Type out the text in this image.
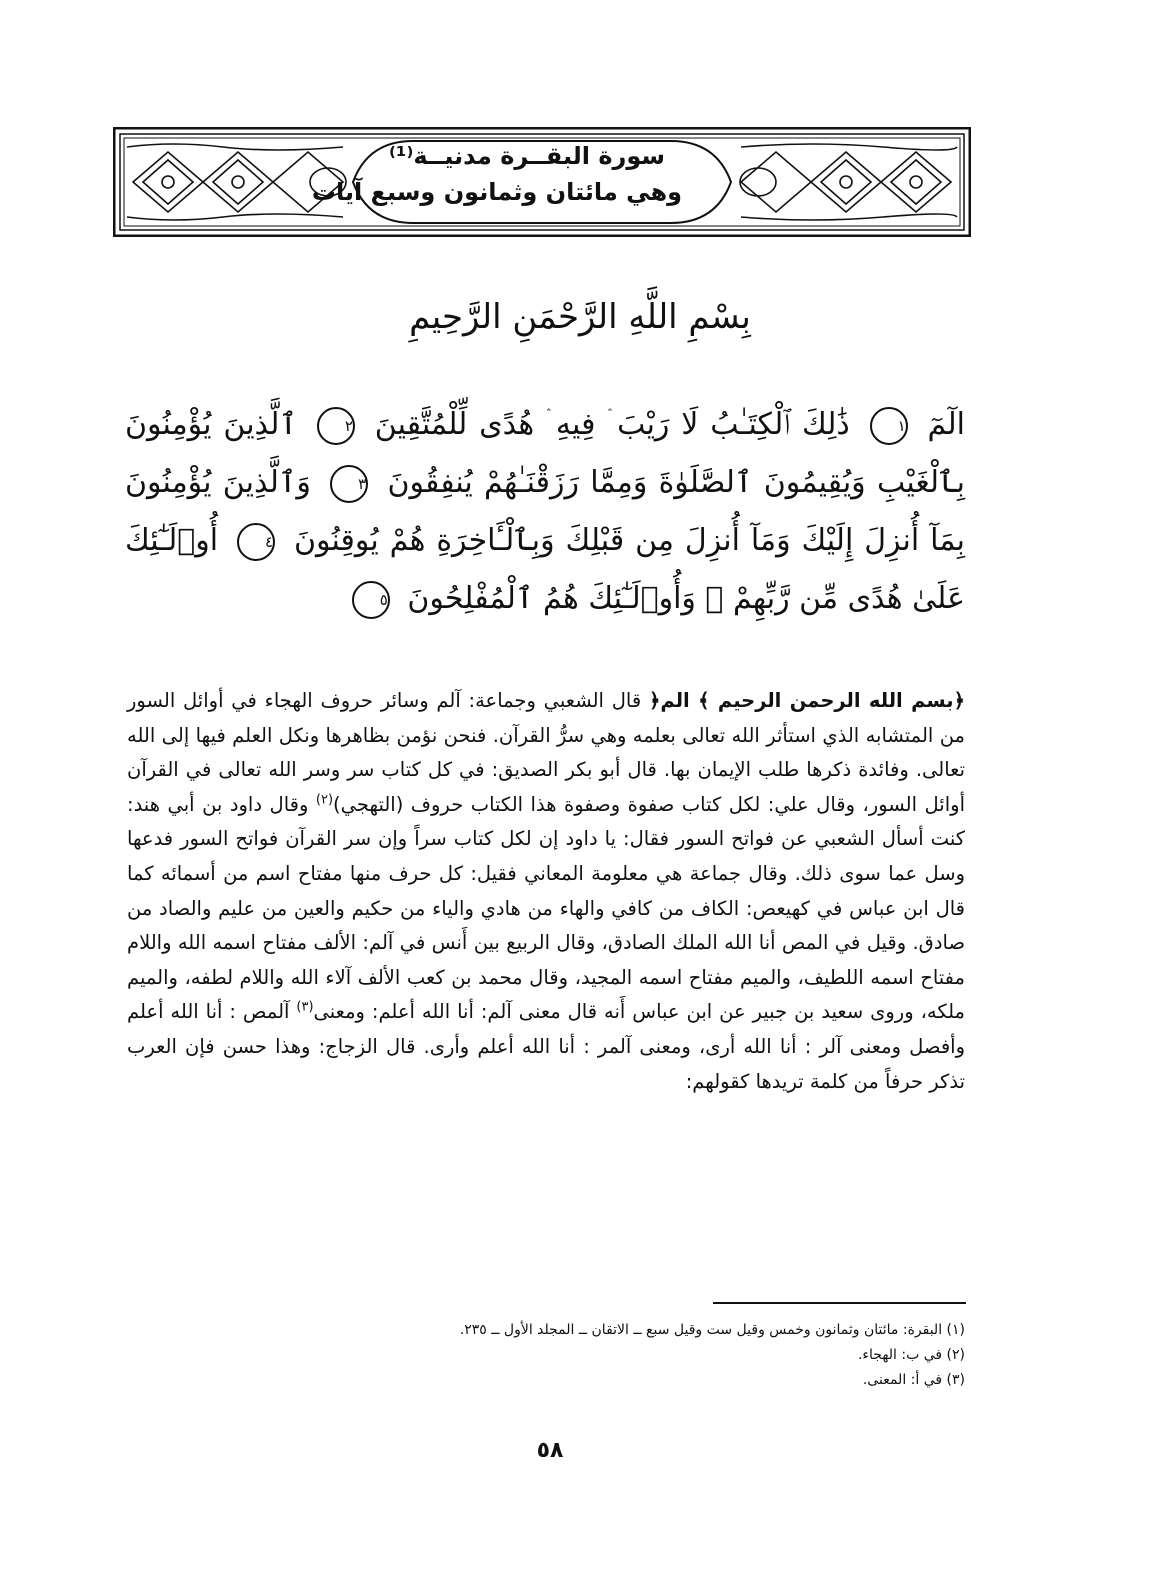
سورة البقــرة مدنيــة⁽¹⁾
وهي مائتان وثمانون وسبع آيات
بِسْمِ اللَّهِ الرَّحْمَنِ الرَّحِيمِ
الٓمٓ ١ ذَٰلِكَ ٱلْكِتَـٰبُ لَا رَيْبَ ۛ فِيهِ ۛ هُدًى لِّلْمُتَّقِينَ ٢ ٱلَّذِينَ يُؤْمِنُونَ بِٱلْغَيْبِ وَيُقِيمُونَ ٱلصَّلَوٰةَ وَمِمَّا رَزَقْنَـٰهُمْ يُنفِقُونَ ٣ وَٱلَّذِينَ يُؤْمِنُونَ بِمَآ أُنزِلَ إِلَيْكَ وَمَآ أُنزِلَ مِن قَبْلِكَ وَبِٱلْـَٔاخِرَةِ هُمْ يُوقِنُونَ ٤ أُو۟لَـٰٓئِكَ عَلَىٰ هُدًى مِّن رَّبِّهِمْ ۖ وَأُو۟لَـٰٓئِكَ هُمُ ٱلْمُفْلِحُونَ ٥
﴿بسم الله الرحمن الرحيم ﴾ الم﴿ قال الشعبي وجماعة: آلم وسائر حروف الهجاء في أوائل السور من المتشابه الذي استأثر الله تعالى بعلمه وهي سرُّ القرآن. فنحن نؤمن بظاهرها ونكل العلم فيها إلى الله تعالى. وفائدة ذكرها طلب الإيمان بها. قال أبو بكر الصديق: في كل كتاب سر وسر الله تعالى في القرآن أوائل السور، وقال علي: لكل كتاب صفوة وصفوة هذا الكتاب حروف (التهجي)$^{(٢)}$ وقال داود بن أبي هند: كنت أسأل الشعبي عن فواتح السور فقال: يا داود إن لكل كتاب سراً وإن سر القرآن فواتح السور فدعها وسل عما سوى ذلك. وقال جماعة هي معلومة المعاني فقيل: كل حرف منها مفتاح اسم من أسمائه كما قال ابن عباس في كهيعص: الكاف من كافي والهاء من هادي والياء من حكيم والعين من عليم والصاد من صادق. وقيل في المص أنا الله الملك الصادق، وقال الربيع بين أَنس في آلم: الألف مفتاح اسمه الله واللام مفتاح اسمه اللطيف، والميم مفتاح اسمه المجيد، وقال محمد بن كعب الألف آلاء الله واللام لطفه، والميم ملكه، وروى سعيد بن جبير عن ابن عباس أَنه قال معنى آلم: أنا الله أعلم: ومعنى$^{(٣)}$ آلمص : أنا الله أعلم وأفصل ومعنى آلر : أنا الله أرى، ومعنى آلمر : أنا الله أعلم وأرى. قال الزجاج: وهذا حسن فإن العرب تذكر حرفاً من كلمة تريدها كقولهم:
(١) البقرة: مائتان وثمانون وخمس وقيل ست وقيل سبع ــ الاتقان ــ المجلد الأول ــ ٢٣٥.
(٢) في ب: الهجاء.
(٣) في أ: المعنى.
٥٨
